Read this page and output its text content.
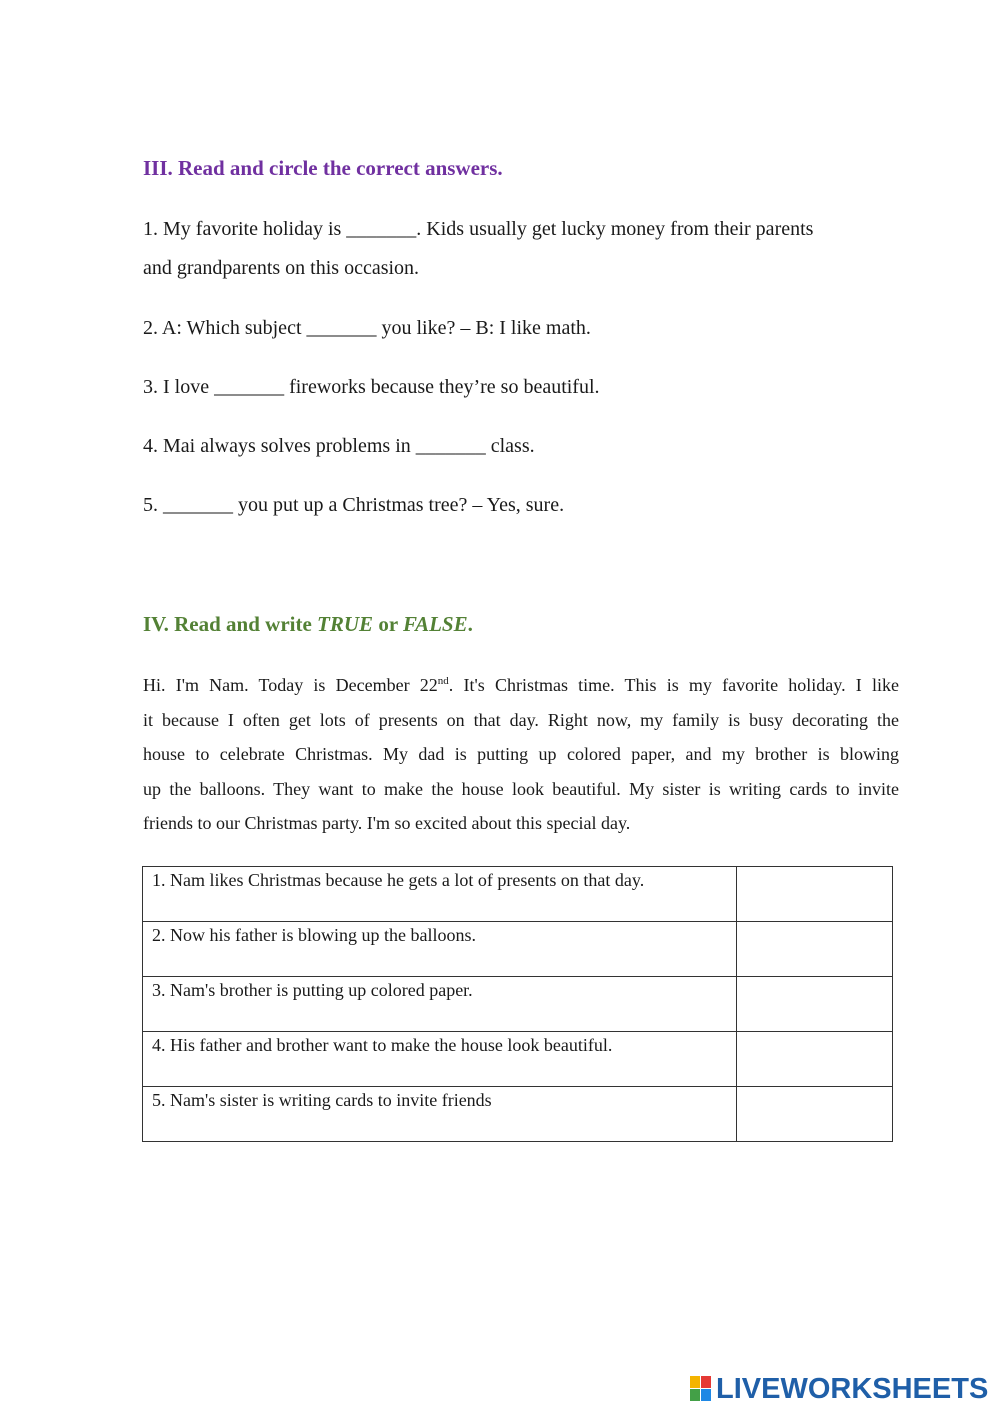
III. Read and circle the correct answers.
1. My favorite holiday is _______. Kids usually get lucky money from their parents
and grandparents on this occasion.
2. A: Which subject _______ you like? – B: I like math.
3. I love _______ fireworks because they’re so beautiful.
4. Mai always solves problems in _______ class.
5. _______ you put up a Christmas tree? – Yes, sure.
IV. Read and write TRUE or FALSE.
Hi. I'm Nam. Today is December 22nd. It's Christmas time. This is my favorite holiday. I like
it because I often get lots of presents on that day. Right now, my family is busy decorating the
house to celebrate Christmas. My dad is putting up colored paper, and my brother is blowing
up the balloons. They want to make the house look beautiful. My sister is writing cards to invite
friends to our Christmas party. I'm so excited about this special day.
1. Nam likes Christmas because he gets a lot of presents on that day.	
2. Now his father is blowing up the balloons.	
3. Nam's brother is putting up colored paper.	
4. His father and brother want to make the house look beautiful.	
5. Nam's sister is writing cards to invite friends	
LIVEWORKSHEETS
